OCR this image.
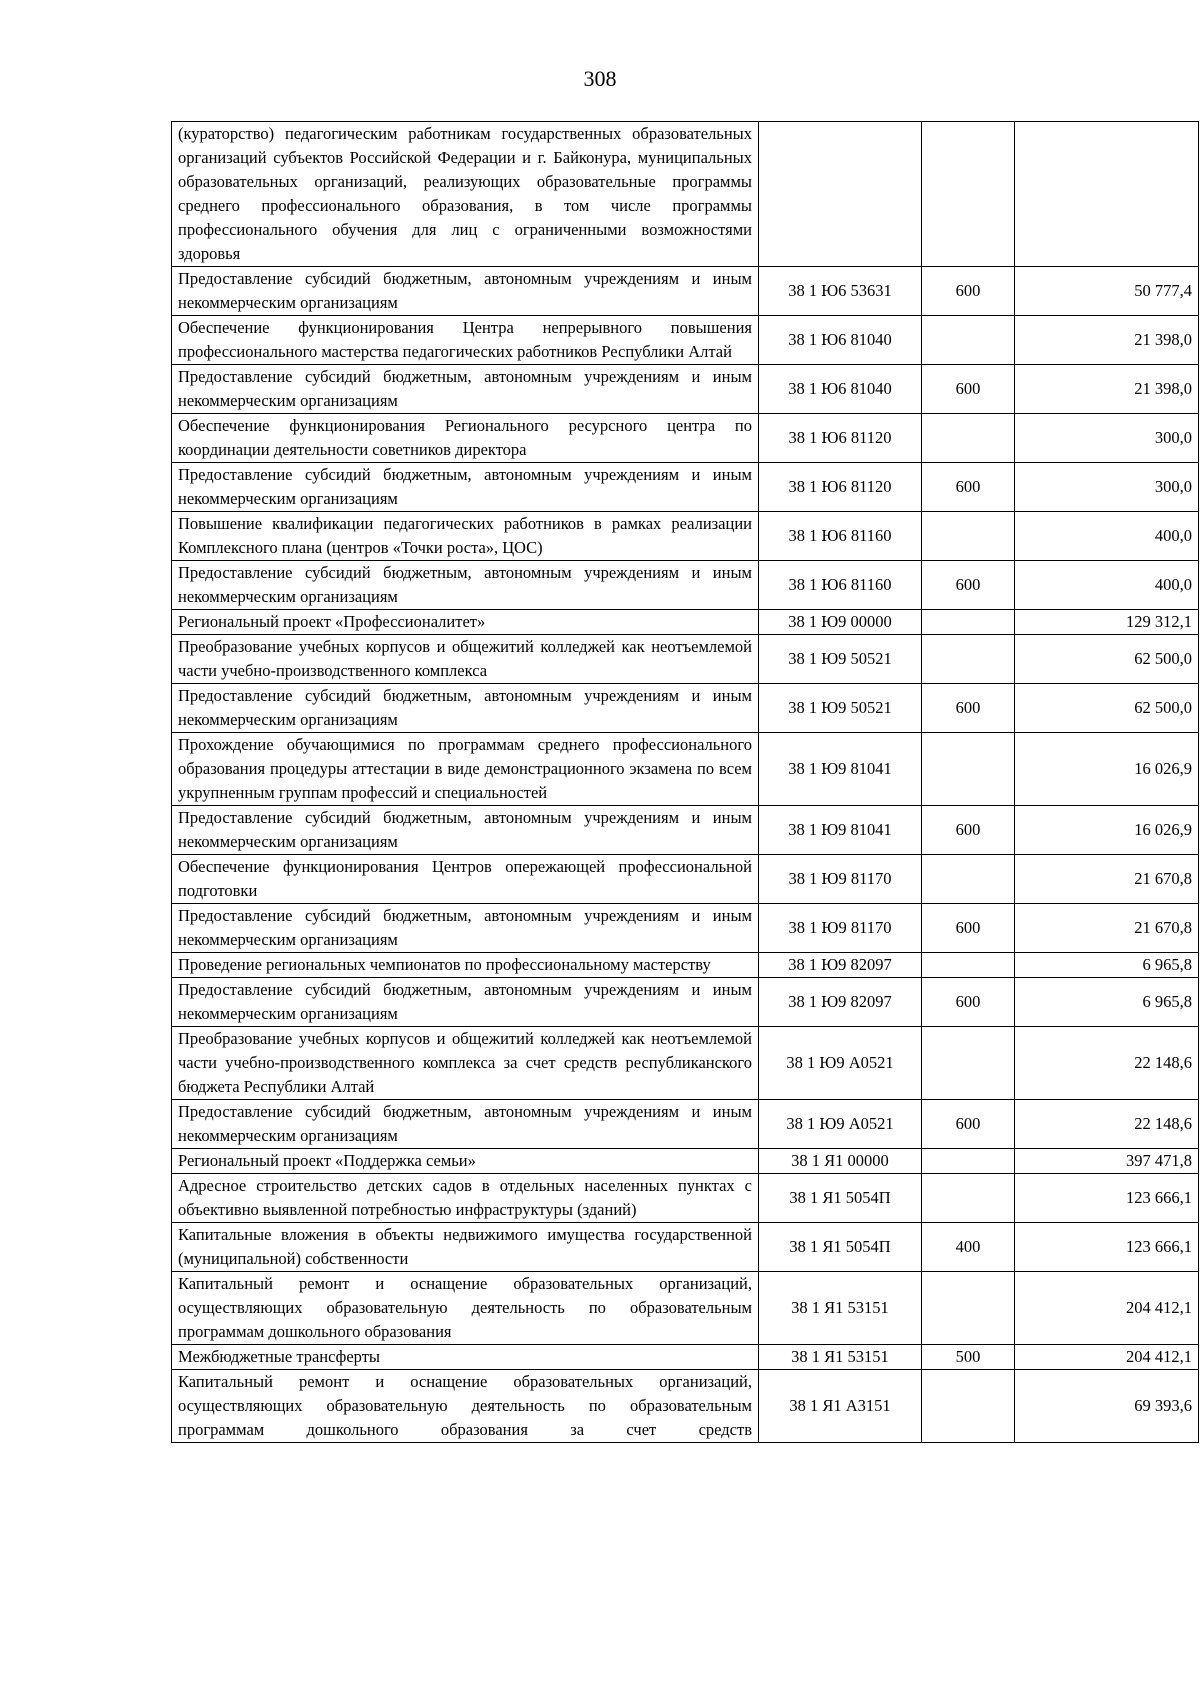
308
(кураторство) педагогическим работникам государственных образовательных организаций субъектов Российской Федерации и г. Байконура, муниципальных образовательных организаций, реализующих образовательные программы среднего профессионального образования, в том числе программы профессионального обучения для лиц с ограниченными возможностями здоровья			
Предоставление субсидий бюджетным, автономным учреждениям и иным некоммерческим организациям	38 1 Ю6 53631	600	50 777,4
Обеспечение функционирования Центра непрерывного повышения профессионального мастерства педагогических работников Республики Алтай	38 1 Ю6 81040		21 398,0
Предоставление субсидий бюджетным, автономным учреждениям и иным некоммерческим организациям	38 1 Ю6 81040	600	21 398,0
Обеспечение функционирования Регионального ресурсного центра по координации деятельности советников директора	38 1 Ю6 81120		300,0
Предоставление субсидий бюджетным, автономным учреждениям и иным некоммерческим организациям	38 1 Ю6 81120	600	300,0
Повышение квалификации педагогических работников в рамках реализации Комплексного плана (центров «Точки роста», ЦОС)	38 1 Ю6 81160		400,0
Предоставление субсидий бюджетным, автономным учреждениям и иным некоммерческим организациям	38 1 Ю6 81160	600	400,0
Региональный проект «Профессионалитет»	38 1 Ю9 00000		129 312,1
Преобразование учебных корпусов и общежитий колледжей как неотъемлемой части учебно-производственного комплекса	38 1 Ю9 50521		62 500,0
Предоставление субсидий бюджетным, автономным учреждениям и иным некоммерческим организациям	38 1 Ю9 50521	600	62 500,0
Прохождение обучающимися по программам среднего профессионального образования процедуры аттестации в виде демонстрационного экзамена по всем укрупненным группам профессий и специальностей	38 1 Ю9 81041		16 026,9
Предоставление субсидий бюджетным, автономным учреждениям и иным некоммерческим организациям	38 1 Ю9 81041	600	16 026,9
Обеспечение функционирования Центров опережающей профессиональной подготовки	38 1 Ю9 81170		21 670,8
Предоставление субсидий бюджетным, автономным учреждениям и иным некоммерческим организациям	38 1 Ю9 81170	600	21 670,8
Проведение региональных чемпионатов по профессиональному мастерству	38 1 Ю9 82097		6 965,8
Предоставление субсидий бюджетным, автономным учреждениям и иным некоммерческим организациям	38 1 Ю9 82097	600	6 965,8
Преобразование учебных корпусов и общежитий колледжей как неотъемлемой части учебно-производственного комплекса за счет средств республиканского бюджета Республики Алтай	38 1 Ю9 А0521		22 148,6
Предоставление субсидий бюджетным, автономным учреждениям и иным некоммерческим организациям	38 1 Ю9 А0521	600	22 148,6
Региональный проект «Поддержка семьи»	38 1 Я1 00000		397 471,8
Адресное строительство детских садов в отдельных населенных пунктах с объективно выявленной потребностью инфраструктуры (зданий)	38 1 Я1 5054П		123 666,1
Капитальные вложения в объекты недвижимого имущества государственной (муниципальной) собственности	38 1 Я1 5054П	400	123 666,1
Капитальный ремонт и оснащение образовательных организаций, осуществляющих образовательную деятельность по образовательным программам дошкольного образования	38 1 Я1 53151		204 412,1
Межбюджетные трансферты	38 1 Я1 53151	500	204 412,1
Капитальный ремонт и оснащение образовательных организаций, осуществляющих образовательную деятельность по образовательным программам дошкольного образования за счет средств	38 1 Я1 А3151		69 393,6
